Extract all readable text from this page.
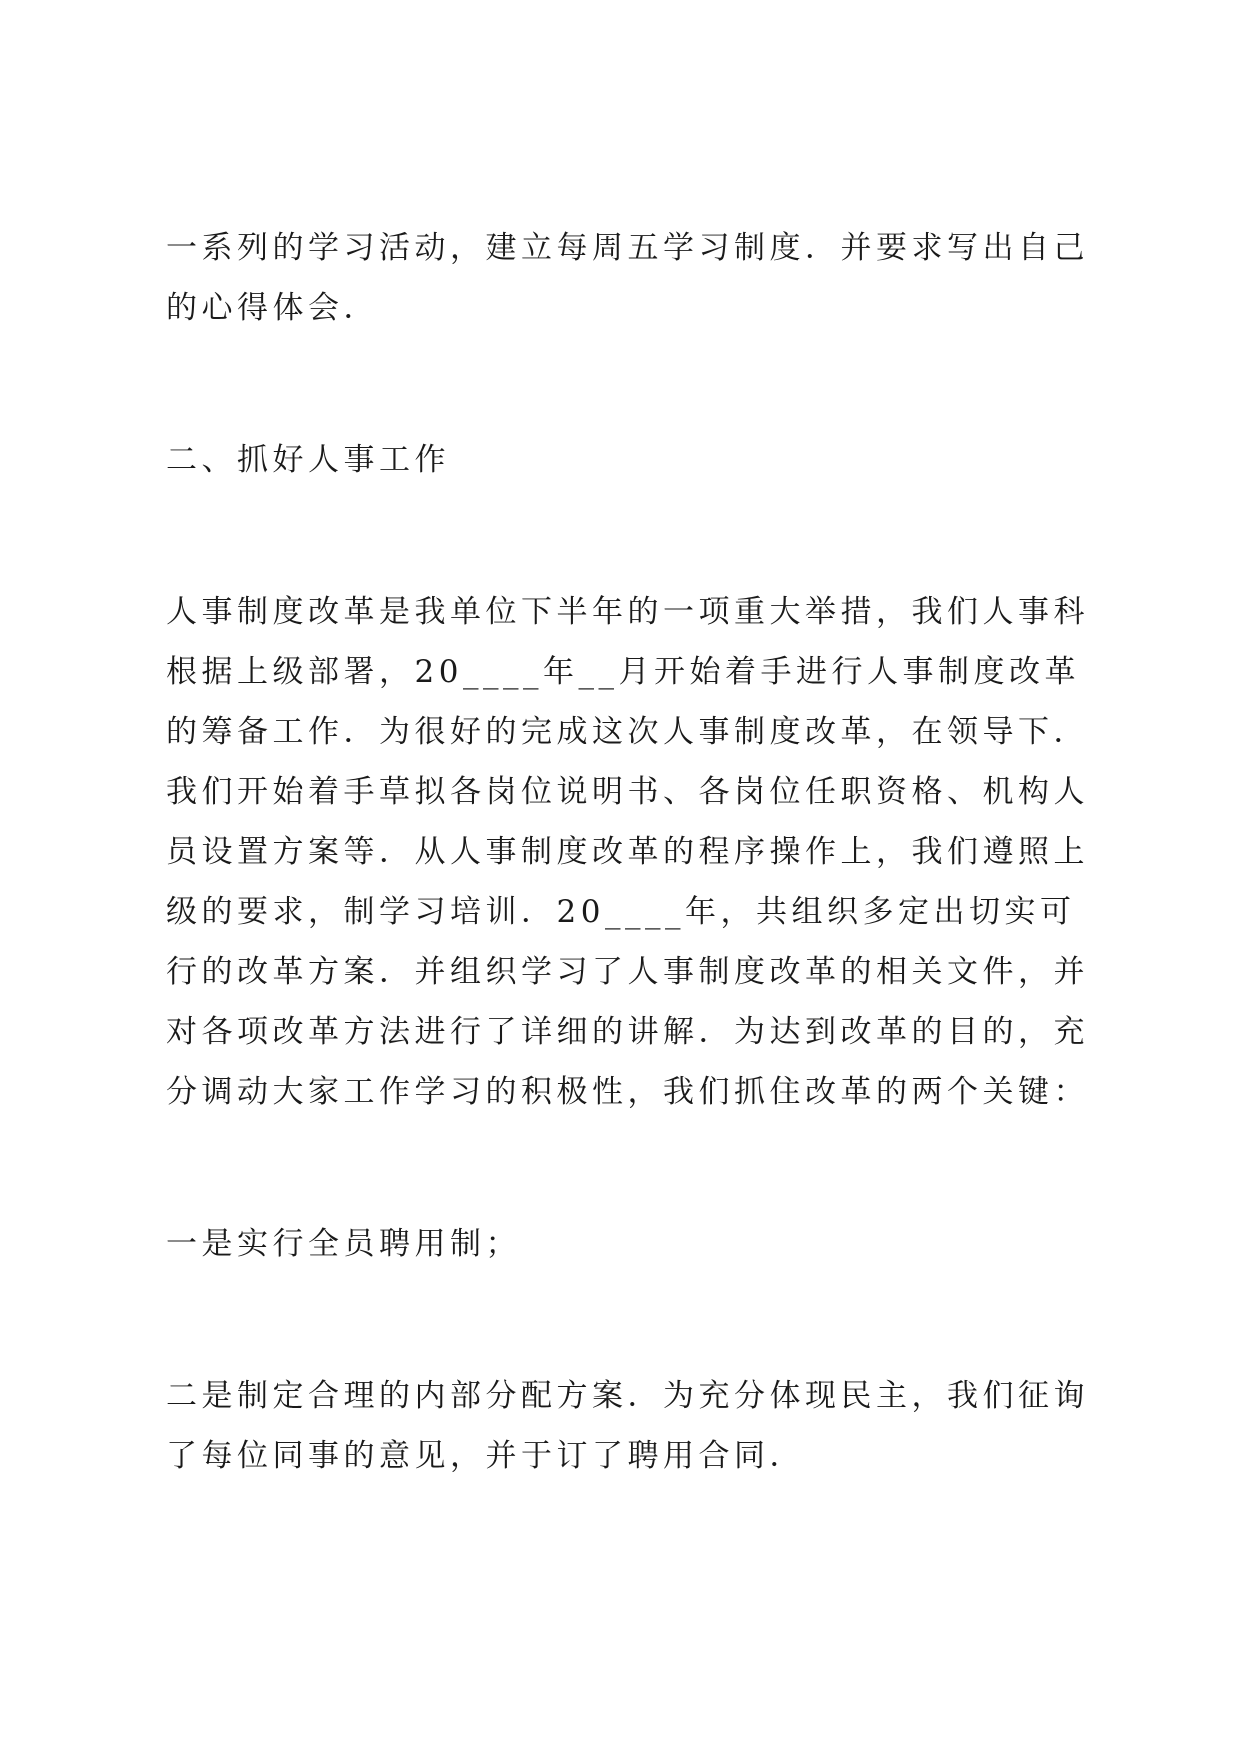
一系列的学习活动，建立每周五学习制度．并要求写出自己的心得体会．

二、抓好人事工作

人事制度改革是我单位下半年的一项重大举措，我们人事科根据上级部署，20____年__月开始着手进行人事制度改革的筹备工作．为很好的完成这次人事制度改革，在领导下．我们开始着手草拟各岗位说明书、各岗位任职资格、机构人员设置方案等．从人事制度改革的程序操作上，我们遵照上级的要求，制学习培训．20____年，共组织多定出切实可行的改革方案．并组织学习了人事制度改革的相关文件，并对各项改革方法进行了详细的讲解．为达到改革的目的，充分调动大家工作学习的积极性，我们抓住改革的两个关键：

一是实行全员聘用制；

二是制定合理的内部分配方案．为充分体现民主，我们征询了每位同事的意见，并于订了聘用合同．
